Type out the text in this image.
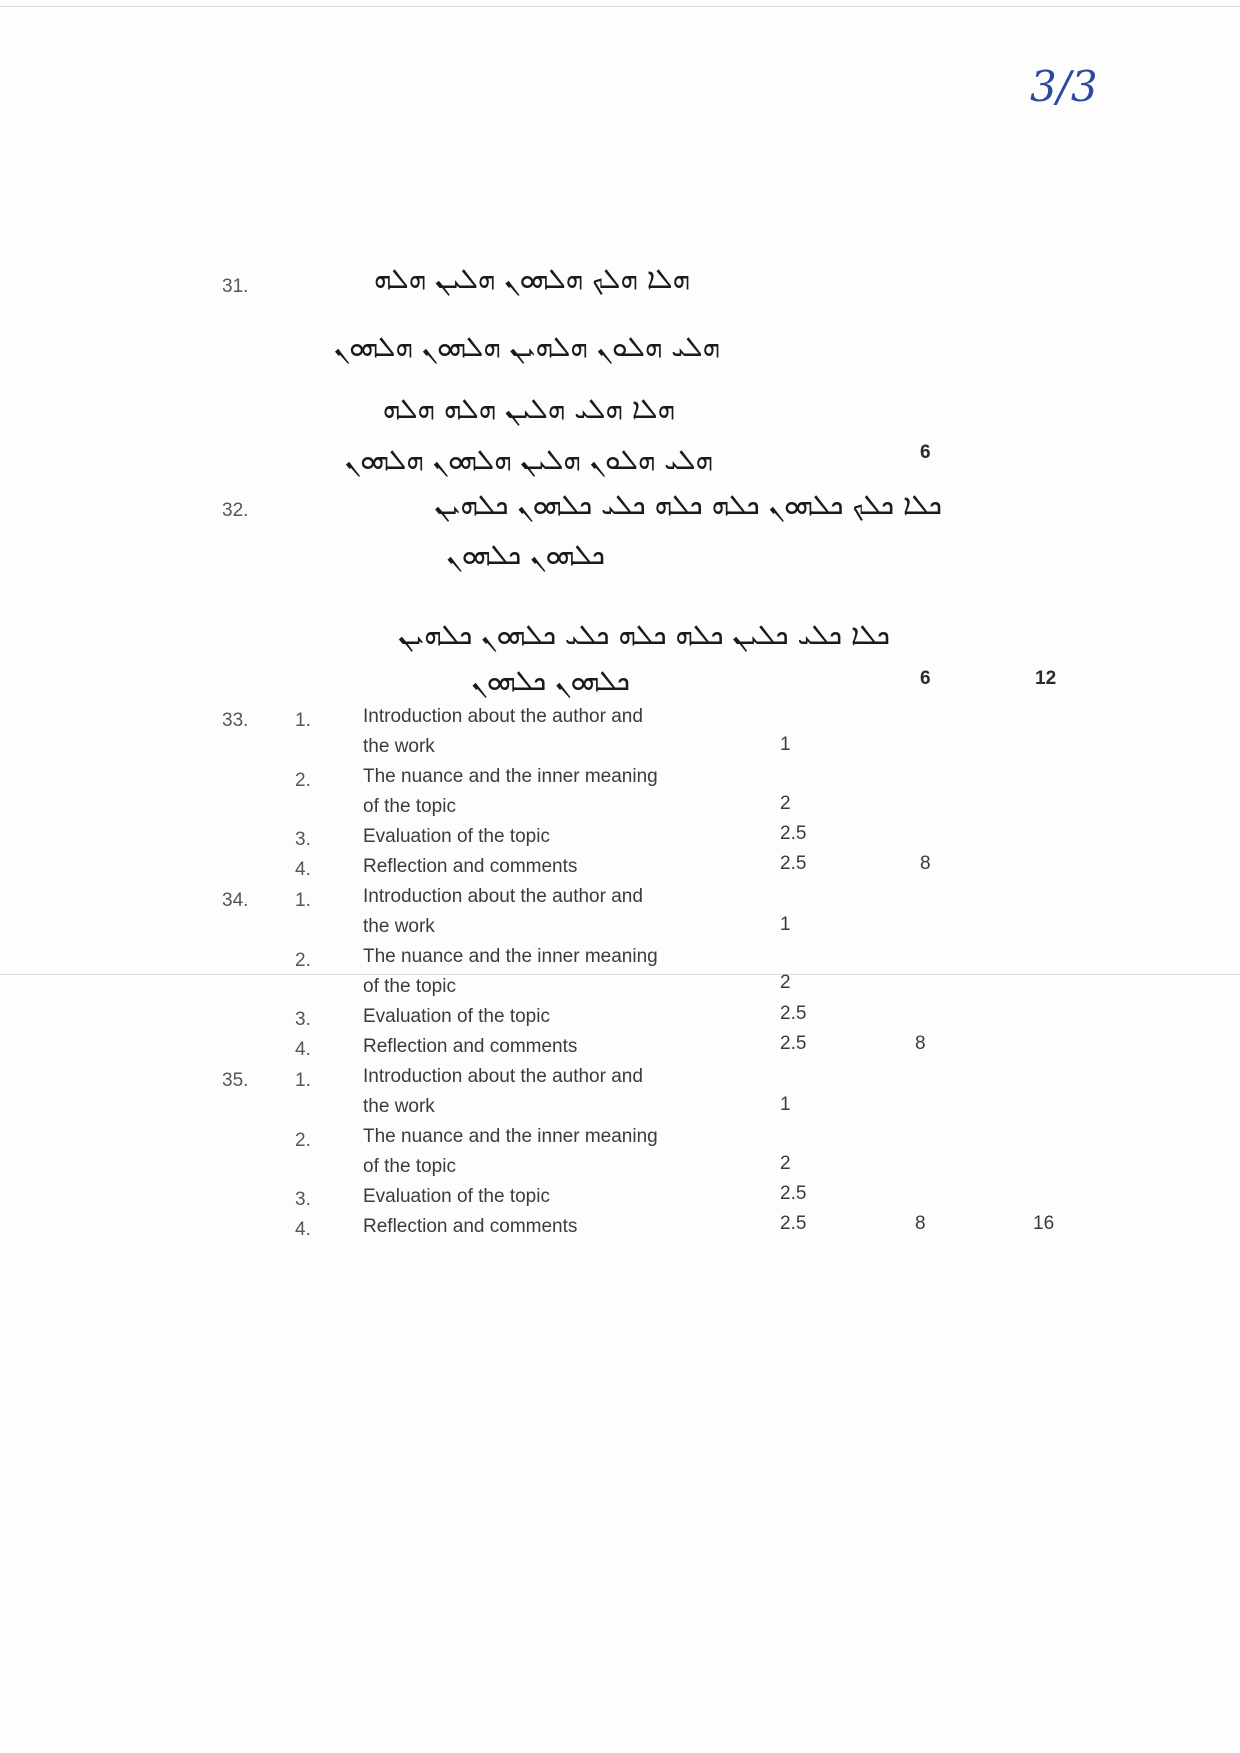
3/3
31.	ܗܠܐ ܗܠܟ ܗܠܗܘܢ ܗܠܝܢ ܗܠܗ
ܗܠܝ ܗܠܘܢ ܗܠܗܝܢ ܗܠܗܘܢ ܗܠܗܘܢ
ܗܠܐ ܗܠܝ ܗܠܝܢ ܗܠܗ ܗܠܗ
ܗܠܝ ܗܠܘܢ ܗܠܝܢ ܗܠܗܘܢ ܗܠܗܘܢ	6
32.	ܟܠܐ ܟܠܟ ܟܠܗܘܢ ܟܠܗ ܟܠܗ ܟܠܝ ܟܠܗܘܢ ܟܠܗܝܢ
ܟܠܗܘܢ ܟܠܗܘܢ
ܟܠܐ ܟܠܝ ܟܠܝܢ ܟܠܗ ܟܠܗ ܟܠܝ ܟܠܗܘܢ ܟܠܗܝܢ
ܟܠܗܘܢ ܟܠܗܘܢ	6	12
33. 1.	Introduction about the author and
the work	1
2.	The nuance and the inner meaning
of the topic	2
3.	Evaluation of the topic	2.5
4.	Reflection and comments	2.5	8
34. 1.	Introduction about the author and
the work	1
2.	The nuance and the inner meaning
of the topic	2
3.	Evaluation of the topic	2.5
4.	Reflection and comments	2.5	8
35. 1.	Introduction about the author and
the work	1
2.	The nuance and the inner meaning
of the topic	2
3.	Evaluation of the topic	2.5
4.	Reflection and comments	2.5	8	16
